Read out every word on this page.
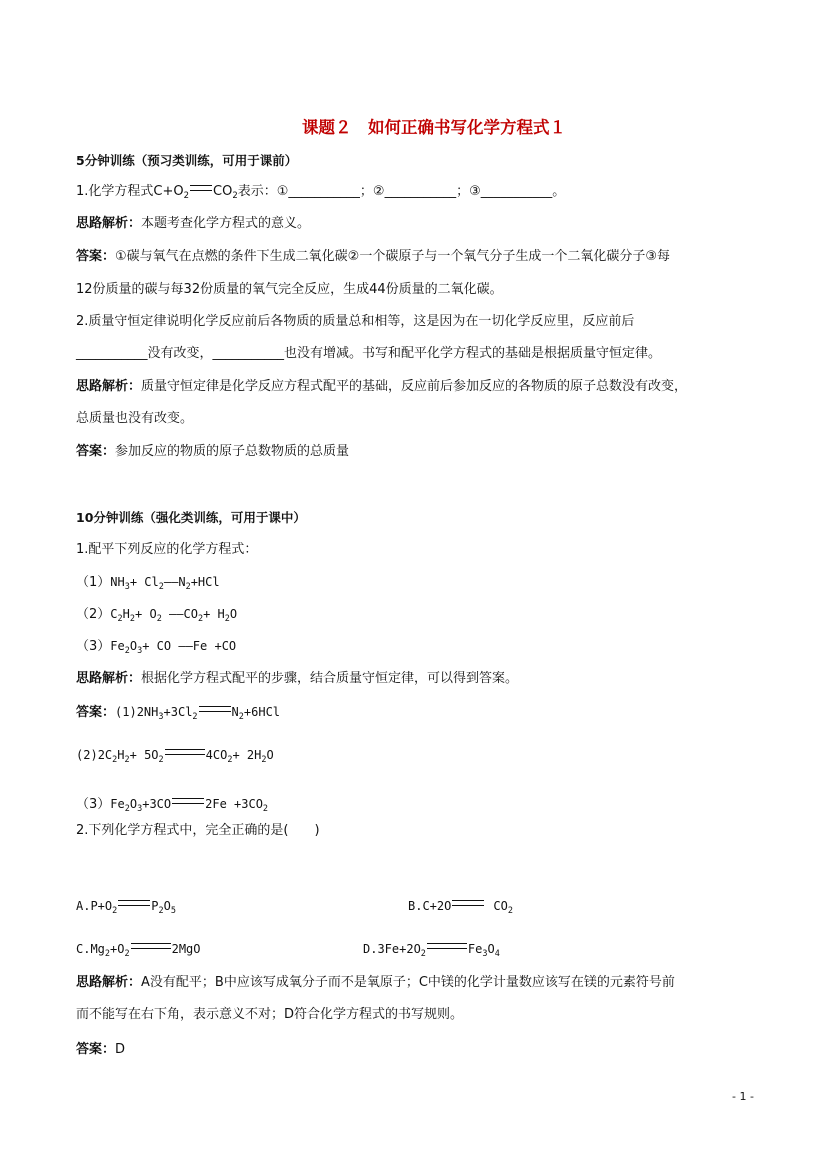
课题２　如何正确书写化学方程式１
5分钟训练（预习类训练，可用于课前）
1.化学方程式$C+O_2$ $CO_2$表示：①___________；②___________；③___________。
思路解析：本题考查化学方程式的意义。
答案：①碳与氧气在点燃的条件下生成二氧化碳②一个碳原子与一个氧气分子生成一个二氧化碳分子③每
12份质量的碳与每32份质量的氧气完全反应，生成44份质量的二氧化碳。
2.质量守恒定律说明化学反应前后各物质的质量总和相等，这是因为在一切化学反应里，反应前后
___________没有改变，___________也没有增减。书写和配平化学方程式的基础是根据质量守恒定律。
思路解析：质量守恒定律是化学反应方程式配平的基础，反应前后参加反应的各物质的原子总数没有改变，
总质量也没有改变。
答案：参加反应的物质的原子总数物质的总质量
10分钟训练（强化类训练，可用于课中）
1.配平下列反应的化学方程式：
$(1)NH_3+$ $Cl_2——N_2+HCl$
$(2)C_2H_2+ O_2$ $——CO_2+ H_2O$
$(3)Fe_2O_3+$ CO ——Fe +CO
思路解析：根据化学方程式配平的步骤，结合质量守恒定律，可以得到答案。
答案：$(1)2NH_3+3Cl_2$	$N_2+6HCl$
$(2)2C_2H_2+ 5O_2$	$4CO_2+ 2H_2O$
$(3)Fe_2O_3+3CO$	$2Fe +3CO_2$
2.下列化学方程式中，完全正确的是(　　)
$A.P+O_2$	$P_2O_5$	B.C+2O	$CO_2$
$C.Mg_2+O_2$	2MgO	$D.3Fe+2O_2$	$Fe_3O_4$
思路解析：A没有配平；B中应该写成氧分子而不是氧原子；C中镁的化学计量数应该写在镁的元素符号前
而不能写在右下角，表示意义不对；D符合化学方程式的书写规则。
答案：D
- 1 -
